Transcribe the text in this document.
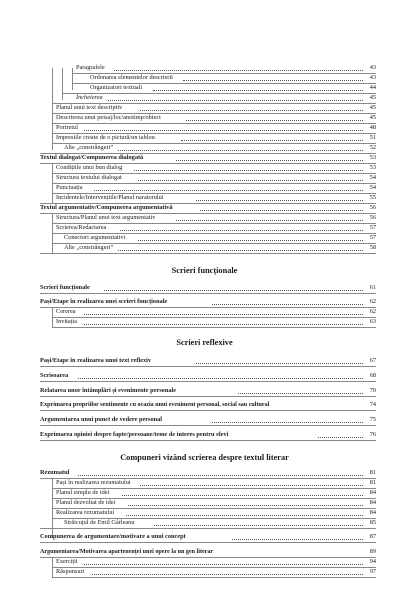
Paragrafele	43
Ordonarea elementelor descrierii	43
Organizatori textuali	44
Încheierea	45
Planul unui text descriptiv	45
Descrierea unui peisaj/loc/anotimp/obiect	45
Portretul	48
Impresiile create de o pictură/un tablou	51
Alte „constrângeri”	52
Textul dialogat/Compunerea dialogată	53
Condițiile unui bun dialog	53
Structura textului dialogat	54
Punctuația	54
Incidentele/Intervențiile/Planul naratorului	55
Textul argumentativ/Compunerea argumentativă	56
Structura/Planul unui text argumentativ	56
Scrierea/Redactarea	57
Conectori argumentativi	57
Alte „constrângeri”	58
Scrieri funcționale
Scrieri funcționale	61
Pași/Etape în realizarea unei scrieri funcționale	62
Cererea	62
Invitația	63
Scrieri reflexive
Pași/Etape în realizarea unui text reflexiv	67
Scrisoarea	68
Relatarea unor întâmplări și evenimente personale	70
Exprimarea propriilor sentimente cu ocazia unui eveniment personal, social sau cultural	74
Argumentarea unui punct de vedere personal	75
Exprimarea opiniei despre fapte/persoane/teme de interes pentru elevi	76
Compuneri vizând scrierea despre textul literar
Rezumatul	81
Pași în realizarea rezumatului	81
Planul simplu de idei	84
Planul dezvoltat de idei	84
Realizarea rezumatului	84
Străicuțul de Emil Gârleanu	85
Compunerea de argumentare/motivare a unui concept	87
Argumentarea/Motivarea apartenenței unei opere la un gen literar	89
Exerciții	94
Răspunsuri	97
